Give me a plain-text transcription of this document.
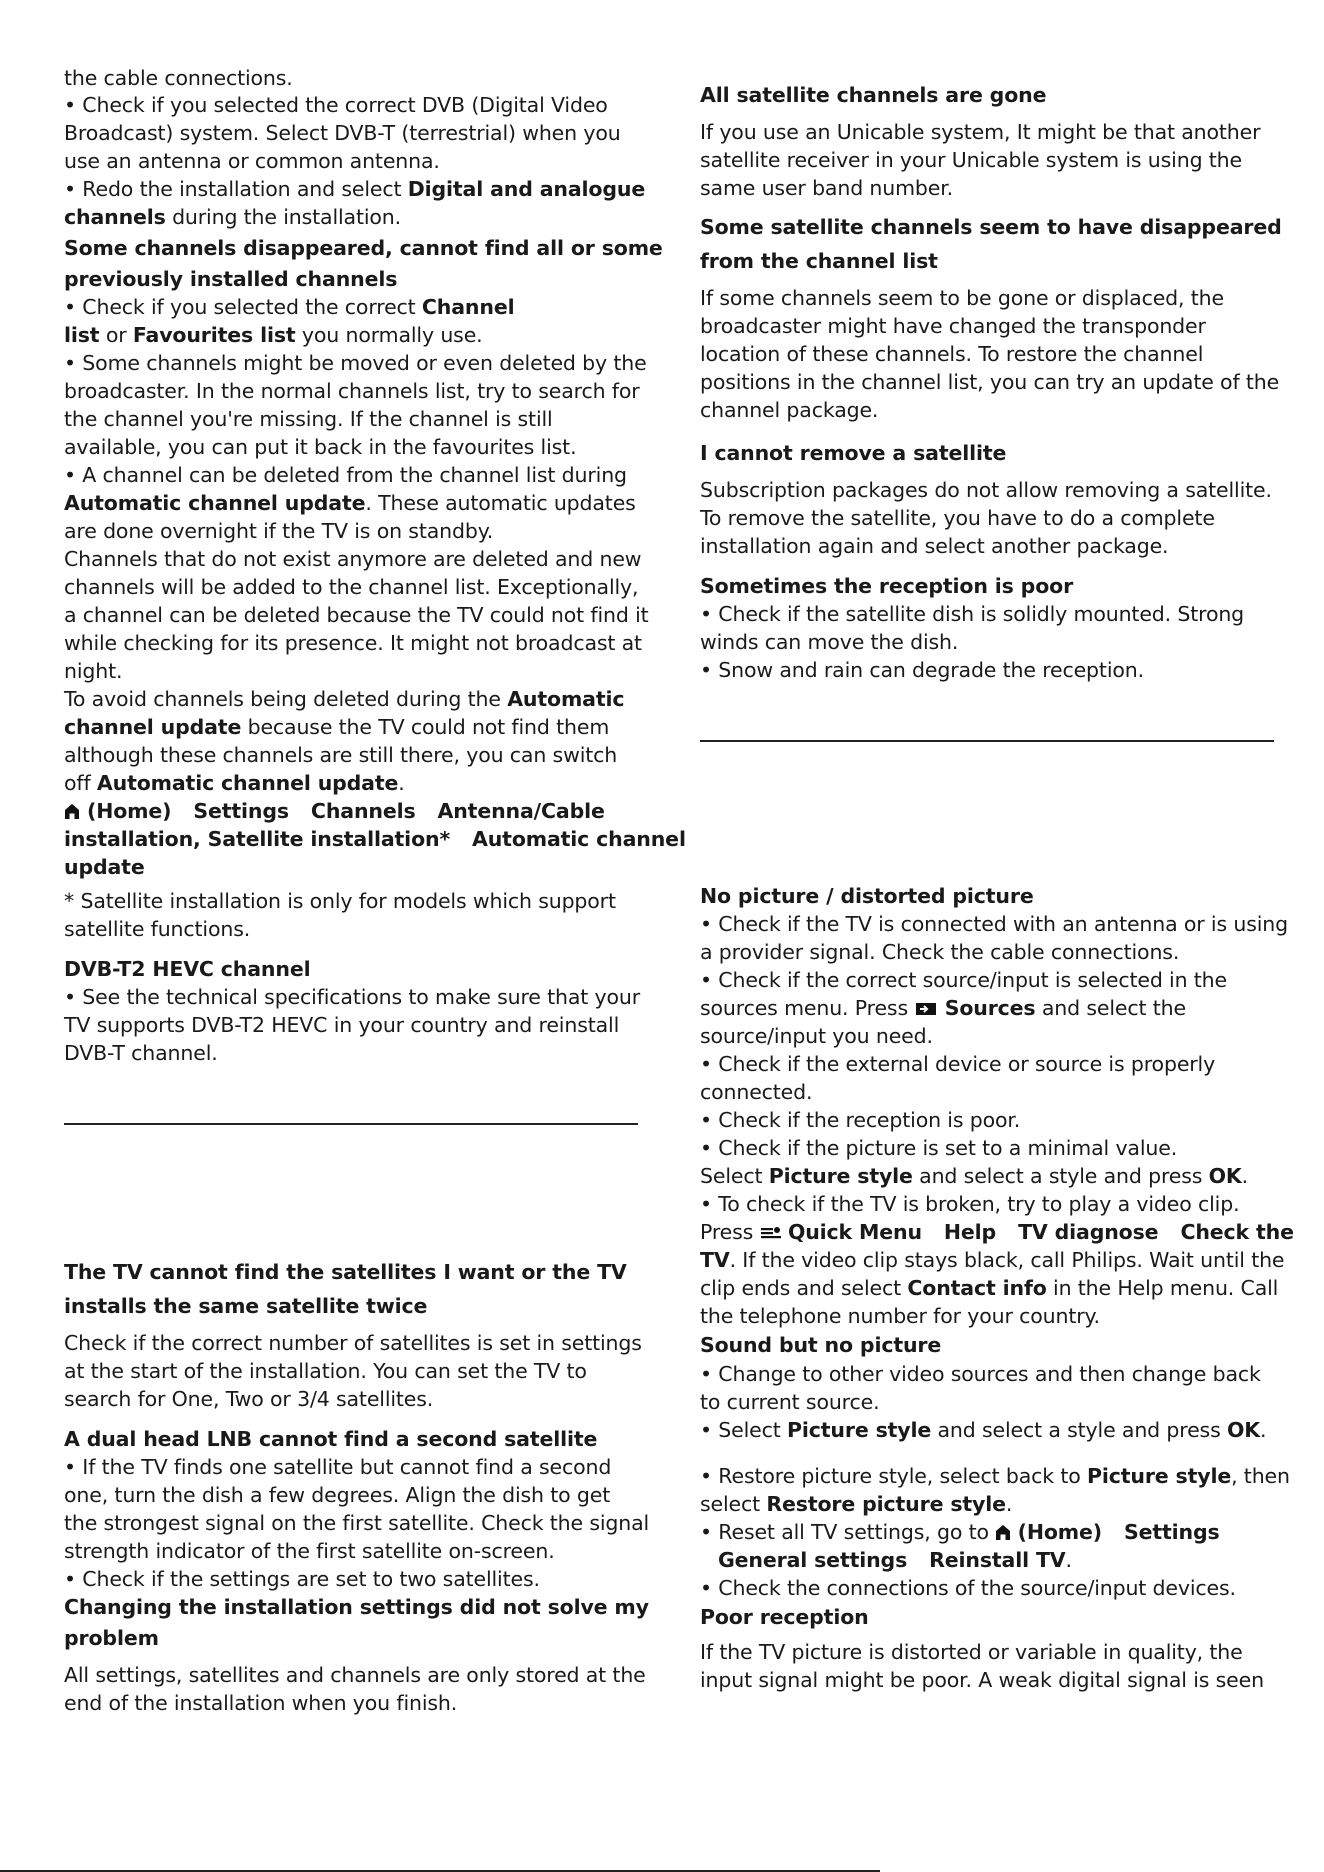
the cable connections.
• Check if you selected the correct DVB (Digital Video
Broadcast) system. Select DVB-T (terrestrial) when you
use an antenna or common antenna.
• Redo the installation and select Digital and analogue
channels during the installation.
Some channels disappeared, cannot find all or some
previously installed channels
• Check if you selected the correct Channel
list or Favourites list you normally use.
• Some channels might be moved or even deleted by the
broadcaster. In the normal channels list, try to search for
the channel you're missing. If the channel is still
available, you can put it back in the favourites list.
• A channel can be deleted from the channel list during
Automatic channel update. These automatic updates
are done overnight if the TV is on standby.
Channels that do not exist anymore are deleted and new
channels will be added to the channel list. Exceptionally,
a channel can be deleted because the TV could not find it
while checking for its presence. It might not broadcast at
night.
To avoid channels being deleted during the Automatic
channel update because the TV could not find them
although these channels are still there, you can switch
off Automatic channel update.
(Home) Settings Channels Antenna/Cable
installation, Satellite installation* Automatic channel
update
* Satellite installation is only for models which support
satellite functions.
DVB-T2 HEVC channel
• See the technical specifications to make sure that your
TV supports DVB-T2 HEVC in your country and reinstall
DVB-T channel.
The TV cannot find the satellites I want or the TV
installs the same satellite twice
Check if the correct number of satellites is set in settings
at the start of the installation. You can set the TV to
search for One, Two or 3/4 satellites.
A dual head LNB cannot find a second satellite
• If the TV finds one satellite but cannot find a second
one, turn the dish a few degrees. Align the dish to get
the strongest signal on the first satellite. Check the signal
strength indicator of the first satellite on-screen.
• Check if the settings are set to two satellites.
Changing the installation settings did not solve my
problem
All settings, satellites and channels are only stored at the
end of the installation when you finish.
All satellite channels are gone
If you use an Unicable system, It might be that another
satellite receiver in your Unicable system is using the
same user band number.
Some satellite channels seem to have disappeared
from the channel list
If some channels seem to be gone or displaced, the
broadcaster might have changed the transponder
location of these channels. To restore the channel
positions in the channel list, you can try an update of the
channel package.
I cannot remove a satellite
Subscription packages do not allow removing a satellite.
To remove the satellite, you have to do a complete
installation again and select another package.
Sometimes the reception is poor
• Check if the satellite dish is solidly mounted. Strong
winds can move the dish.
• Snow and rain can degrade the reception.
No picture / distorted picture
• Check if the TV is connected with an antenna or is using
a provider signal. Check the cable connections.
• Check if the correct source/input is selected in the
sources menu. Press  Sources and select the
source/input you need.
• Check if the external device or source is properly
connected.
• Check if the reception is poor.
• Check if the picture is set to a minimal value.
Select Picture style and select a style and press OK.
• To check if the TV is broken, try to play a video clip.
Press  Quick Menu Help TV diagnose Check the
TV. If the video clip stays black, call Philips. Wait until the
clip ends and select Contact info in the Help menu. Call
the telephone number for your country.
Sound but no picture
• Change to other video sources and then change back
to current source.
• Select Picture style and select a style and press OK.
• Restore picture style, select back to Picture style, then
select Restore picture style.
• Reset all TV settings, go to  (Home) Settings
General settings Reinstall TV.
• Check the connections of the source/input devices.
Poor reception
If the TV picture is distorted or variable in quality, the
input signal might be poor. A weak digital signal is seen
